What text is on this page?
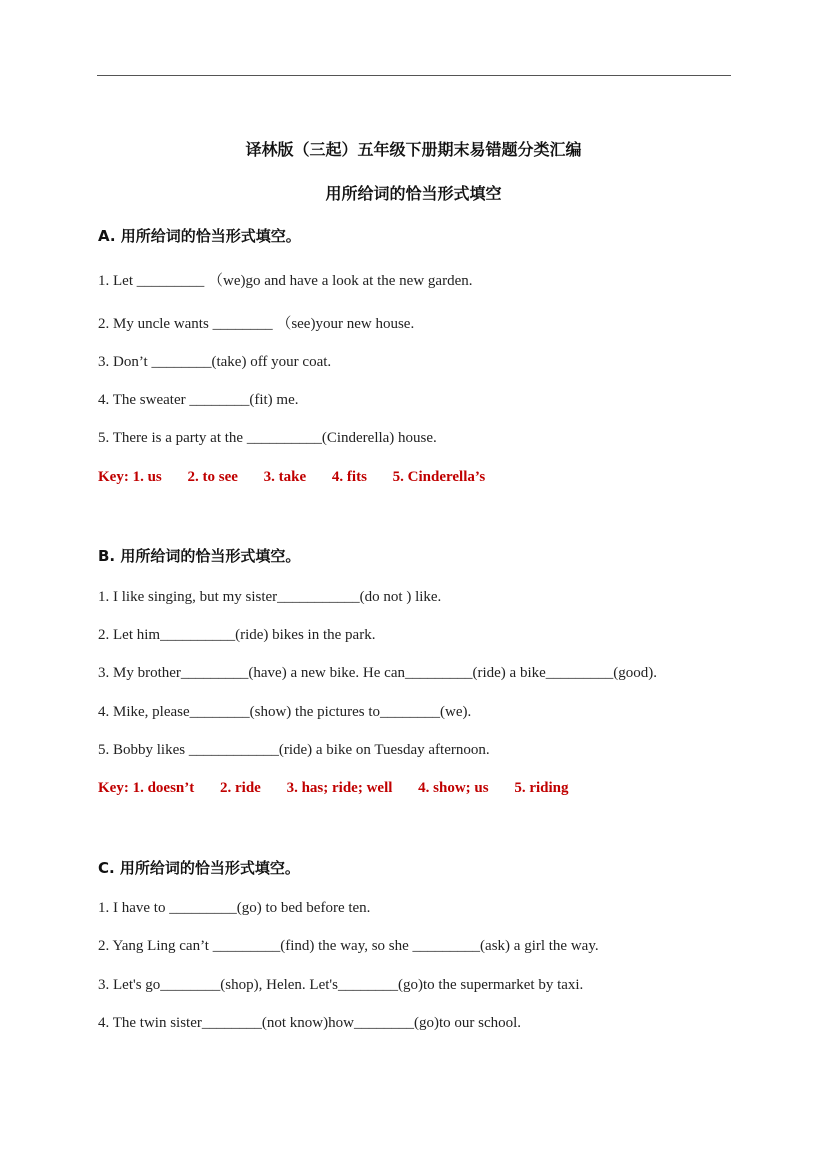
译林版（三起）五年级下册期末易错题分类汇编
用所给词的恰当形式填空
A. 用所给词的恰当形式填空。
1. Let _________ （we)go and have a look at the new garden.
2. My uncle wants ________ （see)your new house.
3. Don’t ________(take) off your coat.
4. The sweater ________(fit) me.
5. There is a party at the __________(Cinderella) house.
Key: 1. us 2. to see 3. take 4. fits 5. Cinderella’s
B. 用所给词的恰当形式填空。
1. I like singing, but my sister___________(do not ) like.
2. Let him__________(ride) bikes in the park.
3. My brother_________(have) a new bike. He can_________(ride) a bike_________(good).
4. Mike, please________(show) the pictures to________(we).
5. Bobby likes ____________(ride) a bike on Tuesday afternoon.
Key: 1. doesn’t 2. ride 3. has; ride; well 4. show; us 5. riding
C. 用所给词的恰当形式填空。
1. I have to _________(go) to bed before ten.
2. Yang Ling can’t _________(find) the way, so she _________(ask) a girl the way.
3. Let's go________(shop), Helen. Let's________(go)to the supermarket by taxi.
4. The twin sister________(not know)how________(go)to our school.
